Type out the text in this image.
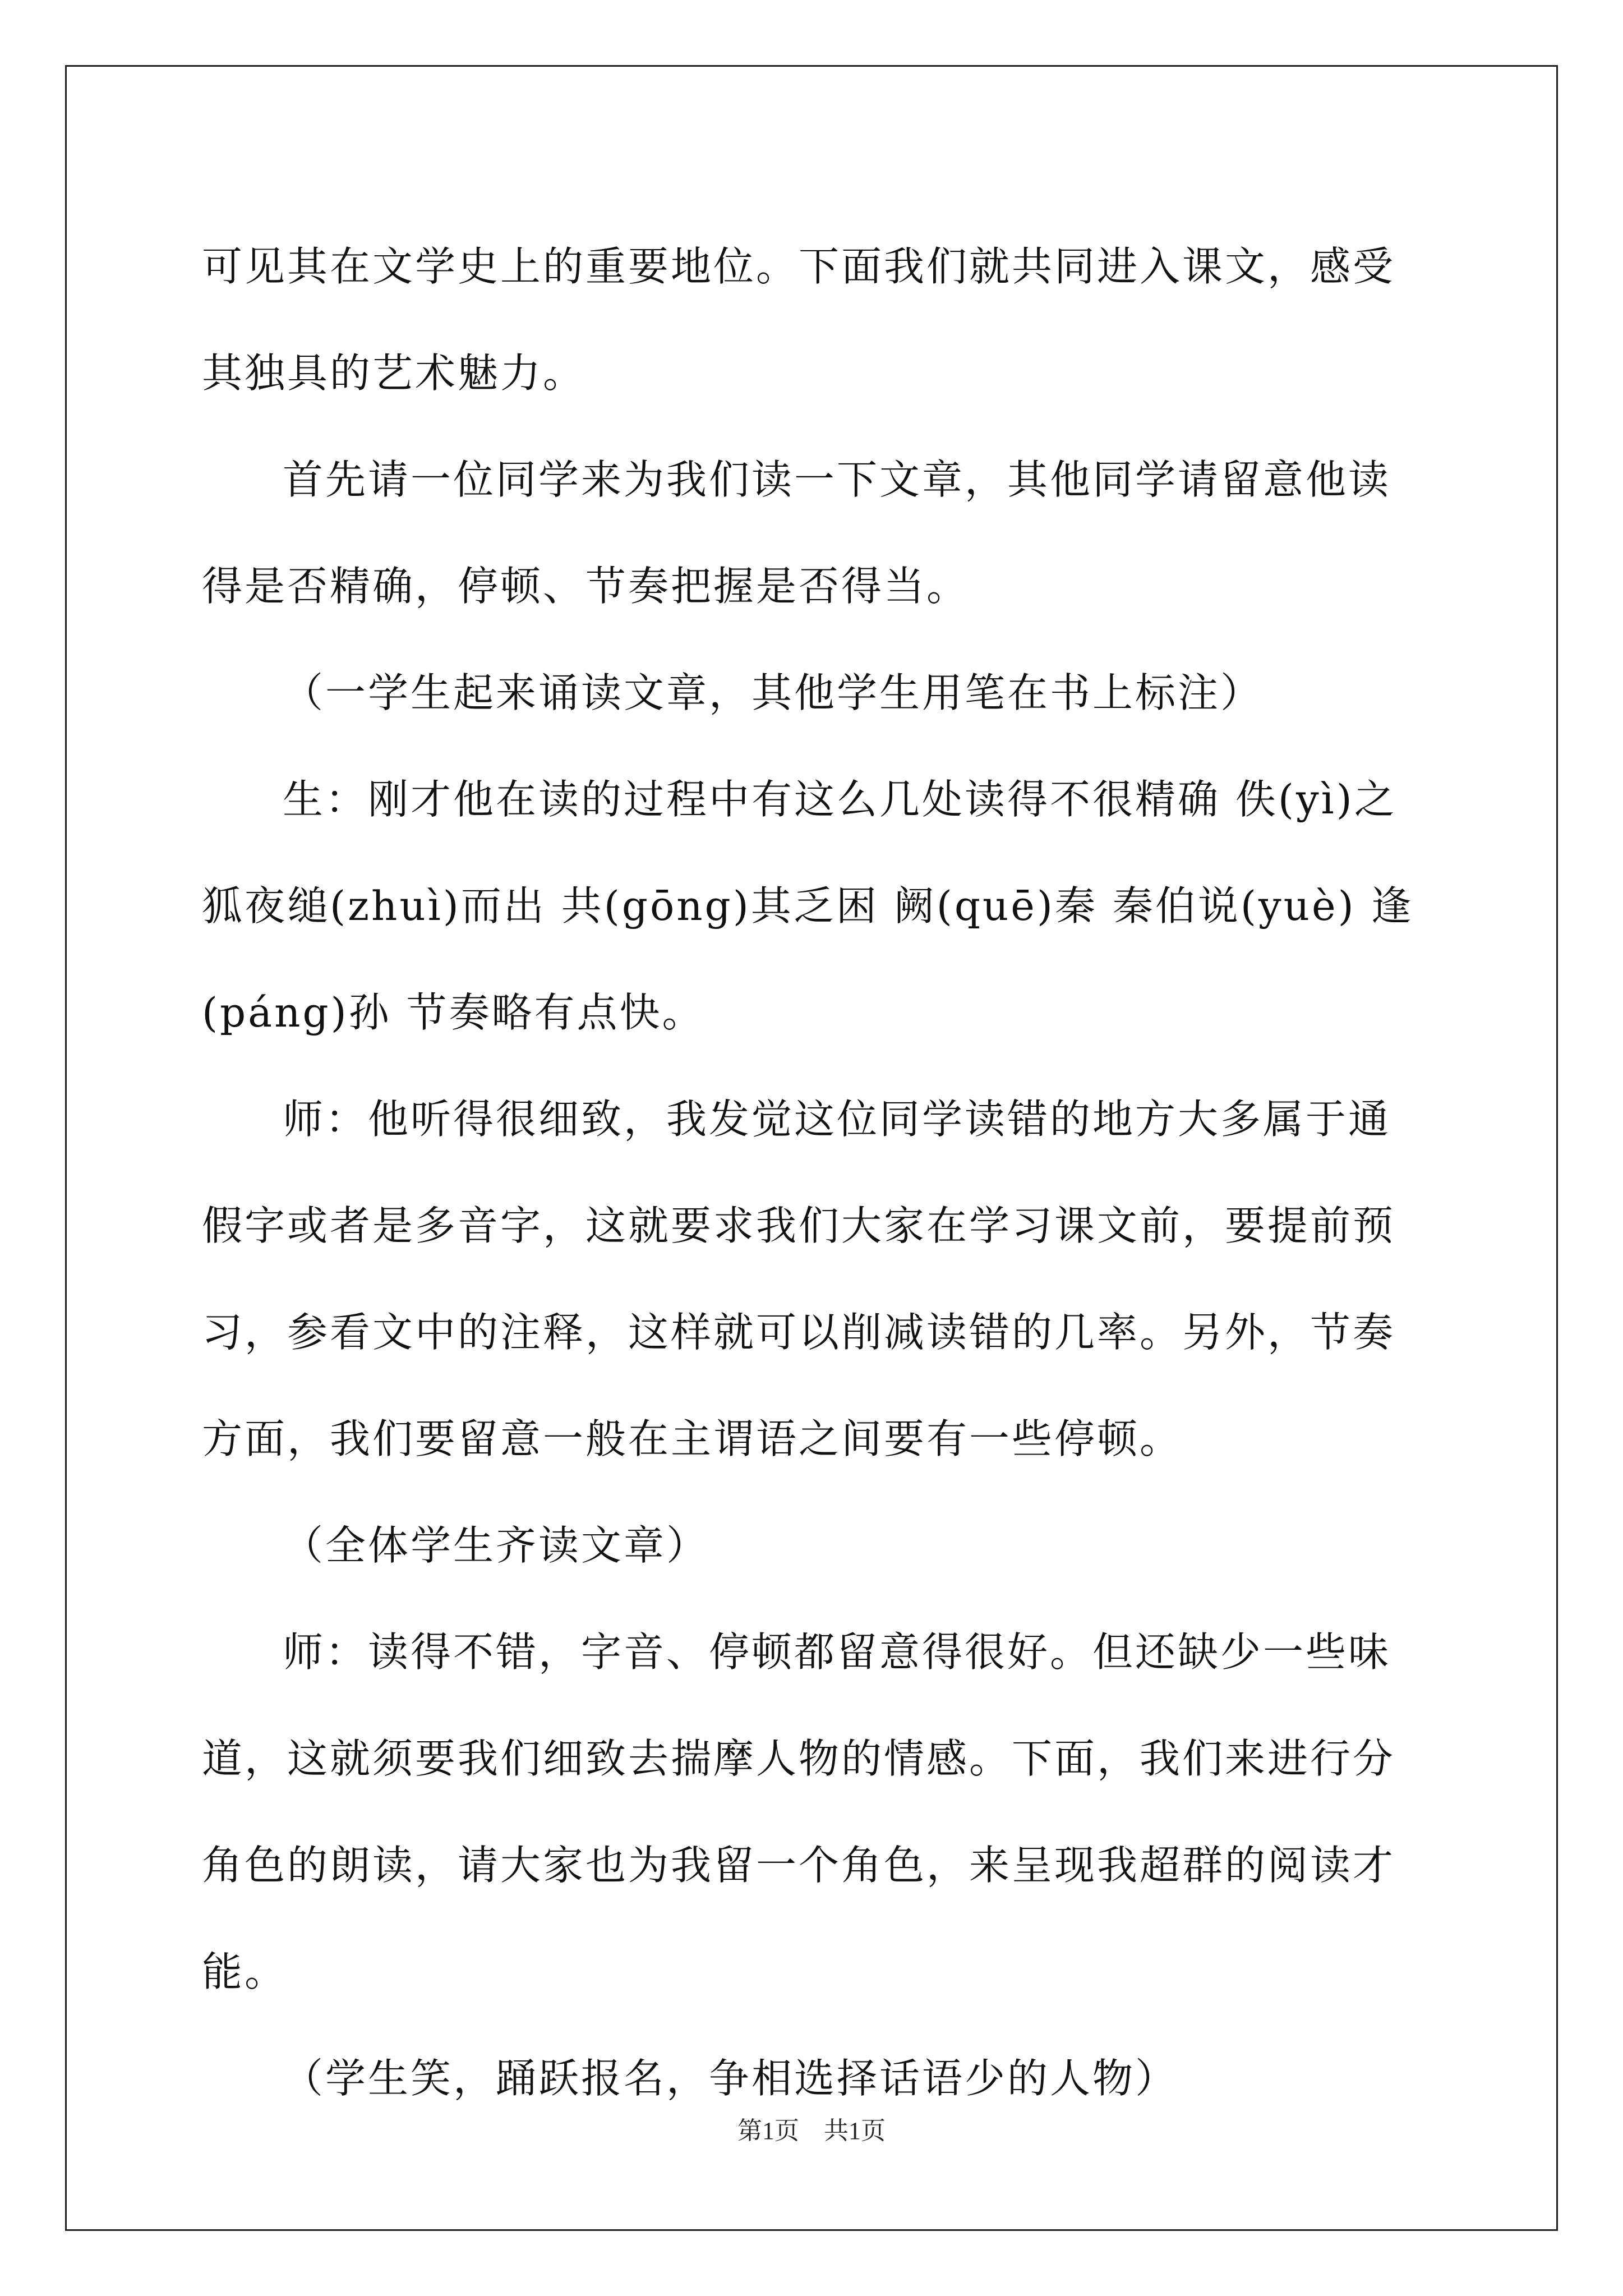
可见其在文学史上的重要地位。下面我们就共同进入课文，感受其独具的艺术魅力。

首先请一位同学来为我们读一下文章，其他同学请留意他读得是否精确，停顿、节奏把握是否得当。

（一学生起来诵读文章，其他学生用笔在书上标注）

生：刚才他在读的过程中有这么几处读得不很精确 佚(yì)之狐夜缒(zhuì)而出 共(gōng)其乏困 阙(quē)秦 秦伯说(yuè) 逢(páng)孙 节奏略有点快。

师：他听得很细致，我发觉这位同学读错的地方大多属于通假字或者是多音字，这就要求我们大家在学习课文前，要提前预习，参看文中的注释，这样就可以削减读错的几率。另外，节奏方面，我们要留意一般在主谓语之间要有一些停顿。

（全体学生齐读文章）

师：读得不错，字音、停顿都留意得很好。但还缺少一些味道，这就须要我们细致去揣摩人物的情感。下面，我们来进行分角色的朗读，请大家也为我留一个角色，来呈现我超群的阅读才能。

（学生笑，踊跃报名，争相选择话语少的人物）

第1页　共1页
